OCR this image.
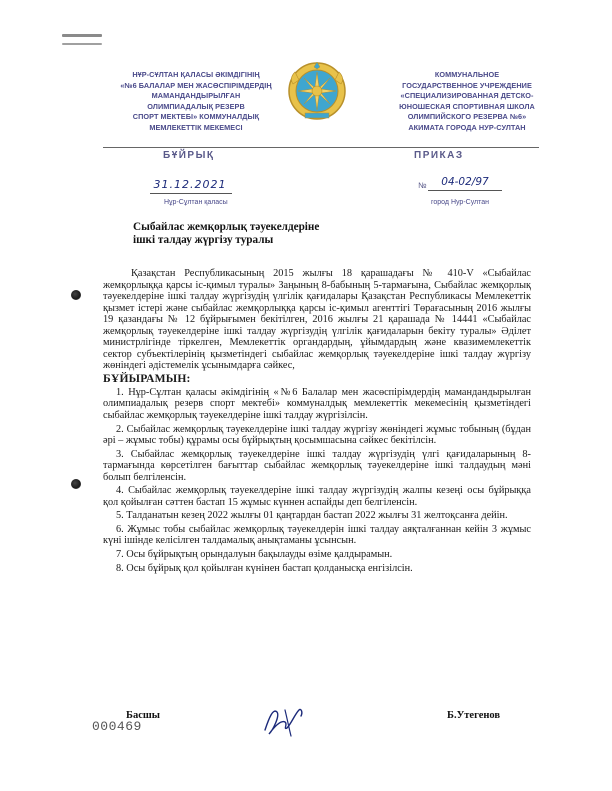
НҰР-СҰЛТАН ҚАЛАСЫ ӘКІМДІГІНІҢ
«№6 БАЛАЛАР МЕН ЖАСӨСПІРІМДЕРДІҢ
МАМАНДАНДЫРЫЛҒАН
ОЛИМПИАДАЛЫҚ РЕЗЕРВ
СПОРТ МЕКТЕБІ» КОММУНАЛДЫҚ
МЕМЛЕКЕТТІК МЕКЕМЕСІ
КОММУНАЛЬНОЕ
ГОСУДАРСТВЕННОЕ УЧРЕЖДЕНИЕ
«СПЕЦИАЛИЗИРОВАННАЯ ДЕТСКО-
ЮНОШЕСКАЯ СПОРТИВНАЯ ШКОЛА
ОЛИМПИЙСКОГО РЕЗЕРВА №6»
АКИМАТА ГОРОДА НУР-СУЛТАН
БҰЙРЫҚ	ПРИКАЗ
31.12.2021	№	04-02/97
Нұр-Сұлтан қаласы	город Нур-Султан
Сыбайлас жемқорлық тәуекелдеріне
ішкі талдау жүргізу туралы

Қазақстан Республикасының 2015 жылғы 18 қарашадағы № 410-V «Сыбайлас жемқорлыққа қарсы іс-қимыл туралы» Заңының 8-бабының 5-тармағына, Сыбайлас жемқорлық тәуекелдеріне ішкі талдау жүргізудің үлгілік қағидалары Қазақстан Республикасы Мемлекеттік қызмет істері және сыбайлас жемқорлыққа қарсы іс-қимыл агенттігі Төрағасының 2016 жылғы 19 қазандағы № 12 бұйрығымен бекітілген, 2016 жылғы 21 қарашада № 14441 «Сыбайлас жемқорлық тәуекелдеріне ішкі талдау жүргізудің үлгілік қағидаларын бекіту туралы» Әділет министрлігінде тіркелген, Мемлекеттік органдардың, ұйымдардың және квазимемлекеттік сектор субъектілерінің қызметіндегі сыбайлас жемқорлық тәуекелдеріне ішкі талдау жүргізу жөніндегі әдістемелік ұсынымдарға сәйкес,

БҰЙЫРАМЫН:

1. Нұр-Сұлтан қаласы әкімдігінің «№6 Балалар мен жасөспірімдердің мамандандырылған олимпиадалық резерв спорт мектебі» коммуналдық мемлекеттік мекемесінің қызметіндегі сыбайлас жемқорлық тәуекелдеріне ішкі талдау жүргізілсін.

2. Сыбайлас жемқорлық тәуекелдеріне ішкі талдау жүргізу жөніндегі жұмыс тобының (бұдан әрі – жұмыс тобы) құрамы осы бұйрықтың қосымшасына сәйкес бекітілсін.

3. Сыбайлас жемқорлық тәуекелдеріне ішкі талдау жүргізудің үлгі қағидаларының 8-тармағында көрсетілген бағыттар сыбайлас жемқорлық тәуекелдеріне ішкі талдаудың мәні болып белгіленсін.

4. Сыбайлас жемқорлық тәуекелдеріне ішкі талдау жүргізудің жалпы кезеңі осы бұйрыққа қол қойылған сәттен бастап 15 жұмыс күннен аспайды деп белгіленсін.

5. Талданатын кезең 2022 жылғы 01 қаңтардан бастап 2022 жылғы 31 желтоқсанға дейін.

6. Жұмыс тобы сыбайлас жемқорлық тәуекелдерін ішкі талдау аяқталғаннан кейін 3 жұмыс күні ішінде келісілген талдамалық анықтаманы ұсынсын.

7. Осы бұйрықтың орындалуын бақылауды өзіме қалдырамын.

8. Осы бұйрық қол қойылған күнінен бастап қолданысқа енгізілсін.

Басшы	Б.Утегенов
000469
